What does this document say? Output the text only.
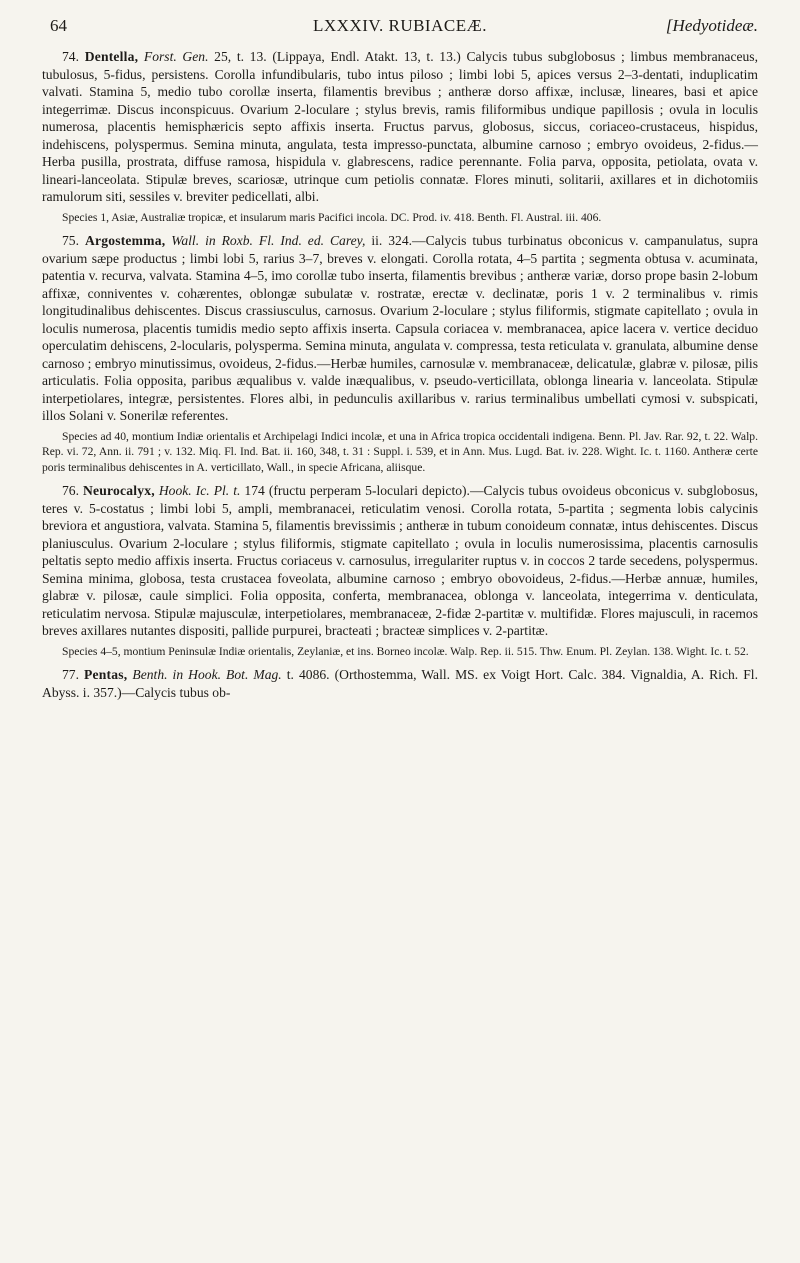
64	LXXXIV. RUBIACEÆ.	[Hedyotideæ.

74. Dentella, Forst. Gen. 25, t. 13. (Lippaya, Endl. Atakt. 13, t. 13.) Calycis tubus subglobosus ; limbus membranaceus, tubulosus, 5-fidus, persistens. Corolla infundibularis, tubo intus piloso ; limbi lobi 5, apices versus 2–3-dentati, induplicatim valvati. Stamina 5, medio tubo corollæ inserta, filamentis brevibus ; antheræ dorso affixæ, inclusæ, lineares, basi et apice integerrimæ. Discus inconspicuus. Ovarium 2-loculare ; stylus brevis, ramis filiformibus undique papillosis ; ovula in loculis numerosa, placentis hemisphæricis septo affixis inserta. Fructus parvus, globosus, siccus, coriaceo-crustaceus, hispidus, indehiscens, polyspermus. Semina minuta, angulata, testa impresso-punctata, albumine carnoso ; embryo ovoideus, 2-fidus.—Herba pusilla, prostrata, diffuse ramosa, hispidula v. glabrescens, radice perennante. Folia parva, opposita, petiolata, ovata v. lineari-lanceolata. Stipulæ breves, scariosæ, utrinque cum petiolis connatæ. Flores minuti, solitarii, axillares et in dichotomiis ramulorum siti, sessiles v. breviter pedicellati, albi.

Species 1, Asiæ, Australiæ tropicæ, et insularum maris Pacifici incola. DC. Prod. iv. 418. Benth. Fl. Austral. iii. 406.

75. Argostemma, Wall. in Roxb. Fl. Ind. ed. Carey, ii. 324.—Calycis tubus turbinatus obconicus v. campanulatus, supra ovarium sæpe productus ; limbi lobi 5, rarius 3–7, breves v. elongati. Corolla rotata, 4–5 partita ; segmenta obtusa v. acuminata, patentia v. recurva, valvata. Stamina 4–5, imo corollæ tubo inserta, filamentis brevibus ; antheræ variæ, dorso prope basin 2-lobum affixæ, conniventes v. cohærentes, oblongæ subulatæ v. rostratæ, erectæ v. declinatæ, poris 1 v. 2 terminalibus v. rimis longitudinalibus dehiscentes. Discus crassiusculus, carnosus. Ovarium 2-loculare ; stylus filiformis, stigmate capitellato ; ovula in loculis numerosa, placentis tumidis medio septo affixis inserta. Capsula coriacea v. membranacea, apice lacera v. vertice deciduo operculatim dehiscens, 2-locularis, polysperma. Semina minuta, angulata v. compressa, testa reticulata v. granulata, albumine dense carnoso ; embryo minutissimus, ovoideus, 2-fidus.—Herbæ humiles, carnosulæ v. membranaceæ, delicatulæ, glabræ v. pilosæ, pilis articulatis. Folia opposita, paribus æqualibus v. valde inæqualibus, v. pseudo-verticillata, oblonga linearia v. lanceolata. Stipulæ interpetiolares, integræ, persistentes. Flores albi, in pedunculis axillaribus v. rarius terminalibus umbellati cymosi v. subspicati, illos Solani v. Sonerilæ referentes.

Species ad 40, montium Indiæ orientalis et Archipelagi Indici incolæ, et una in Africa tropica occidentali indigena. Benn. Pl. Jav. Rar. 92, t. 22. Walp. Rep. vi. 72, Ann. ii. 791 ; v. 132. Miq. Fl. Ind. Bat. ii. 160, 348, t. 31 : Suppl. i. 539, et in Ann. Mus. Lugd. Bat. iv. 228. Wight. Ic. t. 1160. Antheræ certe poris terminalibus dehiscentes in A. verticillato, Wall., in specie Africana, aliisque.

76. Neurocalyx, Hook. Ic. Pl. t. 174 (fructu perperam 5-loculari depicto).—Calycis tubus ovoideus obconicus v. subglobosus, teres v. 5-costatus ; limbi lobi 5, ampli, membranacei, reticulatim venosi. Corolla rotata, 5-partita ; segmenta lobis calycinis breviora et angustiora, valvata. Stamina 5, filamentis brevissimis ; antheræ in tubum conoideum connatæ, intus dehiscentes. Discus planiusculus. Ovarium 2-loculare ; stylus filiformis, stigmate capitellato ; ovula in loculis numerosissima, placentis carnosulis peltatis septo medio affixis inserta. Fructus coriaceus v. carnosulus, irregulariter ruptus v. in coccos 2 tarde secedens, polyspermus. Semina minima, globosa, testa crustacea foveolata, albumine carnoso ; embryo obovoideus, 2-fidus.—Herbæ annuæ, humiles, glabræ v. pilosæ, caule simplici. Folia opposita, conferta, membranacea, oblonga v. lanceolata, integerrima v. denticulata, reticulatim nervosa. Stipulæ majusculæ, interpetiolares, membranaceæ, 2-fidæ 2-partitæ v. multifidæ. Flores majusculi, in racemos breves axillares nutantes dispositi, pallide purpurei, bracteati ; bracteæ simplices v. 2-partitæ.

Species 4–5, montium Peninsulæ Indiæ orientalis, Zeylaniæ, et ins. Borneo incolæ. Walp. Rep. ii. 515. Thw. Enum. Pl. Zeylan. 138. Wight. Ic. t. 52.

77. Pentas, Benth. in Hook. Bot. Mag. t. 4086. (Orthostemma, Wall. MS. ex Voigt Hort. Calc. 384. Vignaldia, A. Rich. Fl. Abyss. i. 357.)—Calycis tubus ob-
